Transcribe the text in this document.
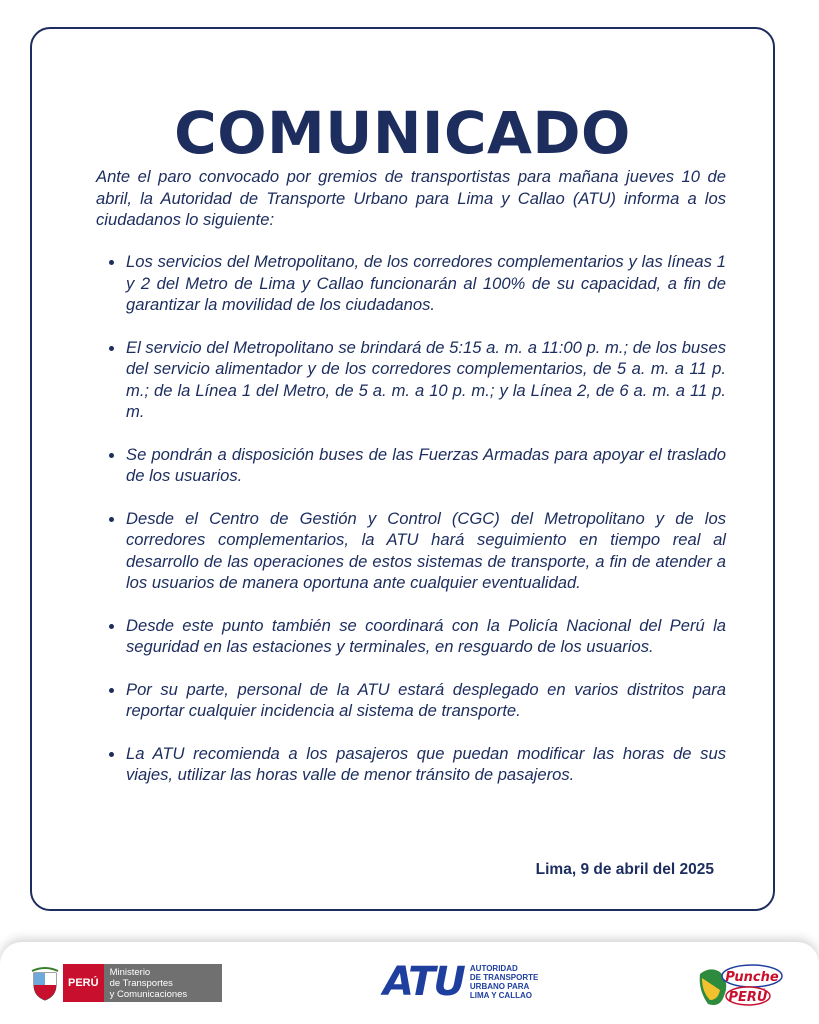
COMUNICADO

Ante el paro convocado por gremios de transportistas para mañana jueves 10 de abril, la Autoridad de Transporte Urbano para Lima y Callao (ATU) informa a los ciudadanos lo siguiente:

Los servicios del Metropolitano, de los corredores complementarios y las líneas 1 y 2 del Metro de Lima y Callao funcionarán al 100% de su capacidad, a fin de garantizar la movilidad de los ciudadanos.
El servicio del Metropolitano se brindará de 5:15 a. m. a 11:00 p. m.; de los buses del servicio alimentador y de los corredores complementarios, de 5 a. m. a 11 p. m.; de la Línea 1 del Metro, de 5 a. m. a 10 p. m.; y la Línea 2, de 6 a. m. a 11 p. m.
Se pondrán a disposición buses de las Fuerzas Armadas para apoyar el traslado de los usuarios.
Desde el Centro de Gestión y Control (CGC) del Metropolitano y de los corredores complementarios, la ATU hará seguimiento en tiempo real al desarrollo de las operaciones de estos sistemas de transporte, a fin de atender a los usuarios de manera oportuna ante cualquier eventualidad.
Desde este punto también se coordinará con la Policía Nacional del Perú la seguridad en las estaciones y terminales, en resguardo de los usuarios.
Por su parte, personal de la ATU estará desplegado en varios distritos para reportar cualquier incidencia al sistema de transporte.
La ATU recomienda a los pasajeros que puedan modificar las horas de sus viajes, utilizar las horas valle de menor tránsito de pasajeros.
Lima, 9 de abril del 2025
PERÚ
Ministerio
de Transportes
y Comunicaciones	ATU AUTORIDAD
DE TRANSPORTE
URBANO PARA
LIMA Y CALLAO
Punche
PERÚ
